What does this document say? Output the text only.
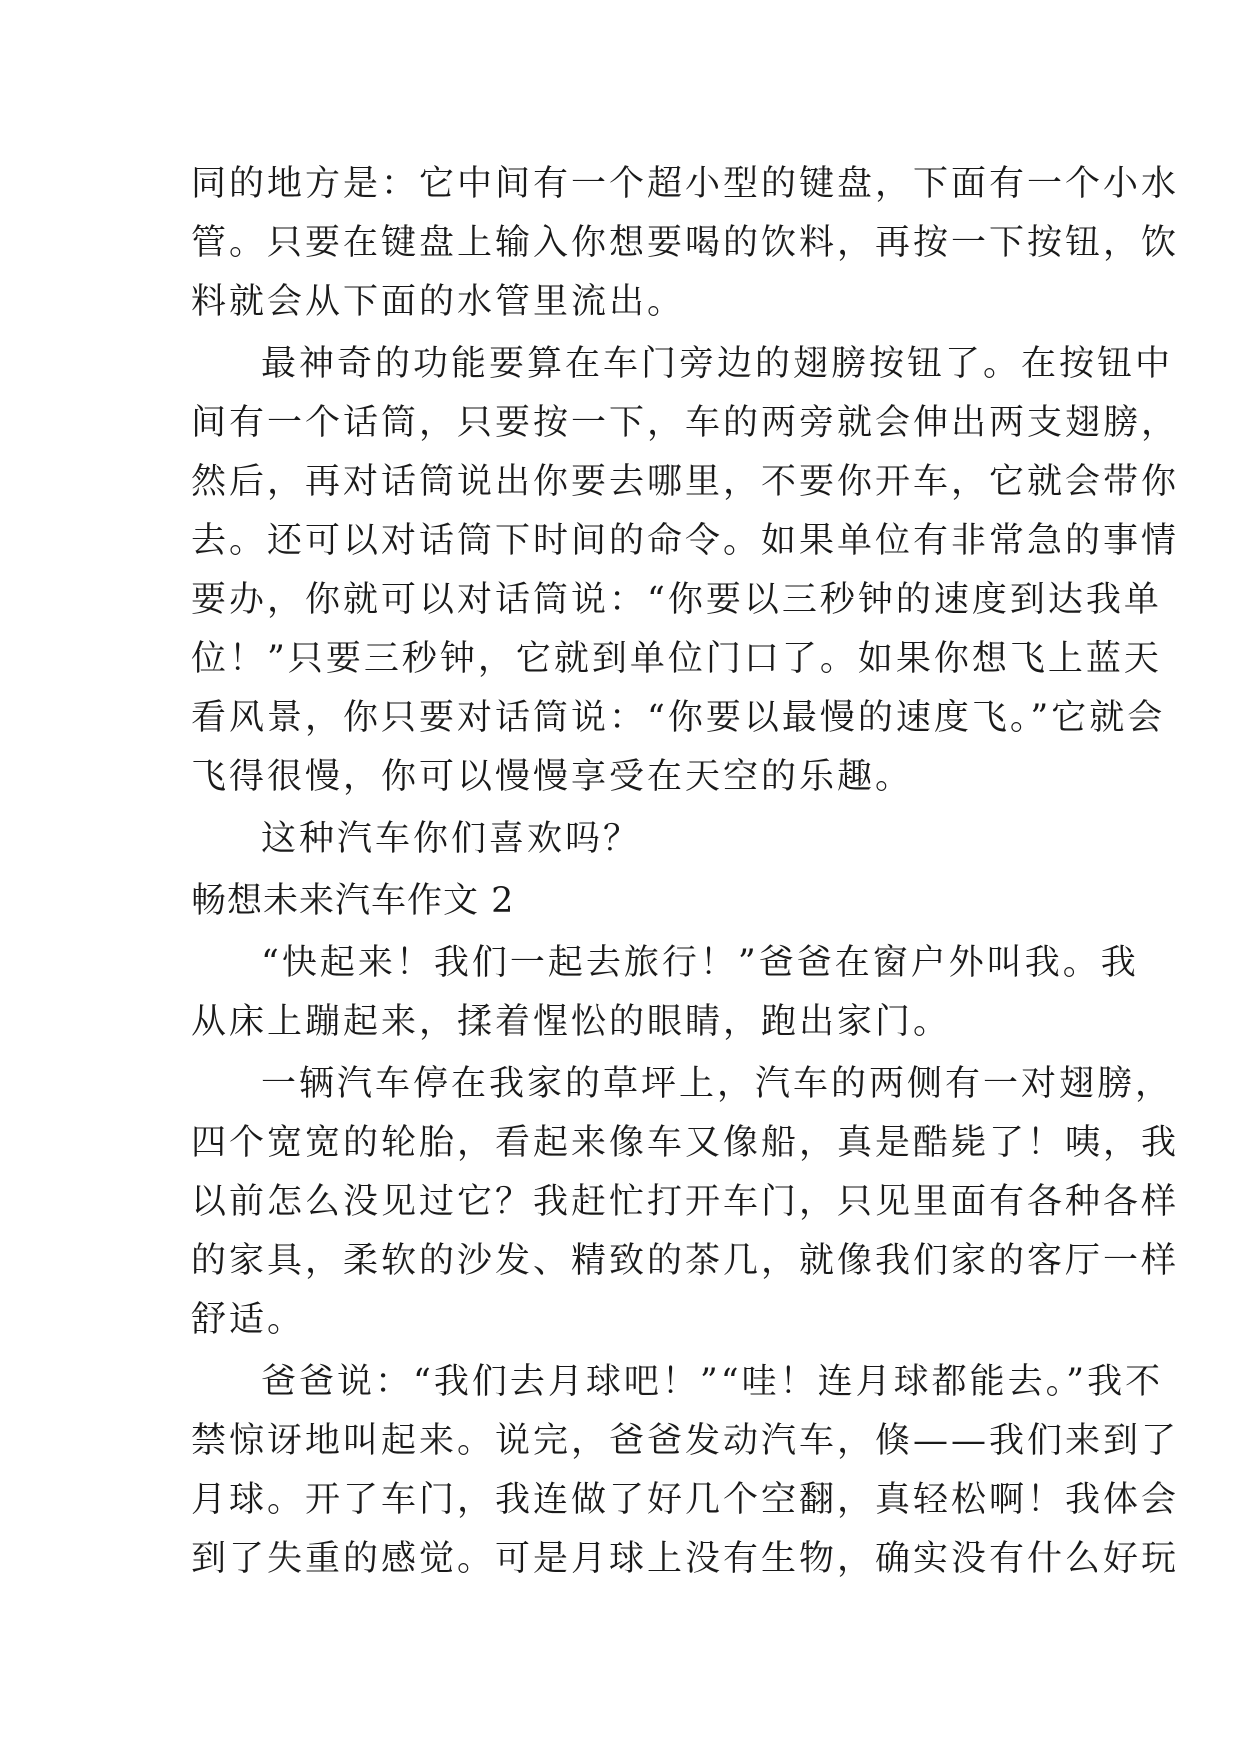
同的地方是：它中间有一个超小型的键盘，下面有一个小水
管。只要在键盘上输入你想要喝的饮料，再按一下按钮，饮
料就会从下面的水管里流出。
最神奇的功能要算在车门旁边的翅膀按钮了。在按钮中
间有一个话筒，只要按一下，车的两旁就会伸出两支翅膀，
然后，再对话筒说出你要去哪里，不要你开车，它就会带你
去。还可以对话筒下时间的命令。如果单位有非常急的事情
要办，你就可以对话筒说：“你要以三秒钟的速度到达我单
位！”只要三秒钟，它就到单位门口了。如果你想飞上蓝天
看风景，你只要对话筒说：“你要以最慢的速度飞。”它就会
飞得很慢，你可以慢慢享受在天空的乐趣。
这种汽车你们喜欢吗？
畅想未来汽车作文 2
“快起来！我们一起去旅行！”爸爸在窗户外叫我。我
从床上蹦起来，揉着惺忪的眼睛，跑出家门。
一辆汽车停在我家的草坪上，汽车的两侧有一对翅膀，
四个宽宽的轮胎，看起来像车又像船，真是酷毙了！咦，我
以前怎么没见过它？我赶忙打开车门，只见里面有各种各样
的家具，柔软的沙发、精致的茶几，就像我们家的客厅一样
舒适。
爸爸说：“我们去月球吧！”“哇！连月球都能去。”我不
禁惊讶地叫起来。说完，爸爸发动汽车，倏——我们来到了
月球。开了车门，我连做了好几个空翻，真轻松啊！我体会
到了失重的感觉。可是月球上没有生物，确实没有什么好玩
